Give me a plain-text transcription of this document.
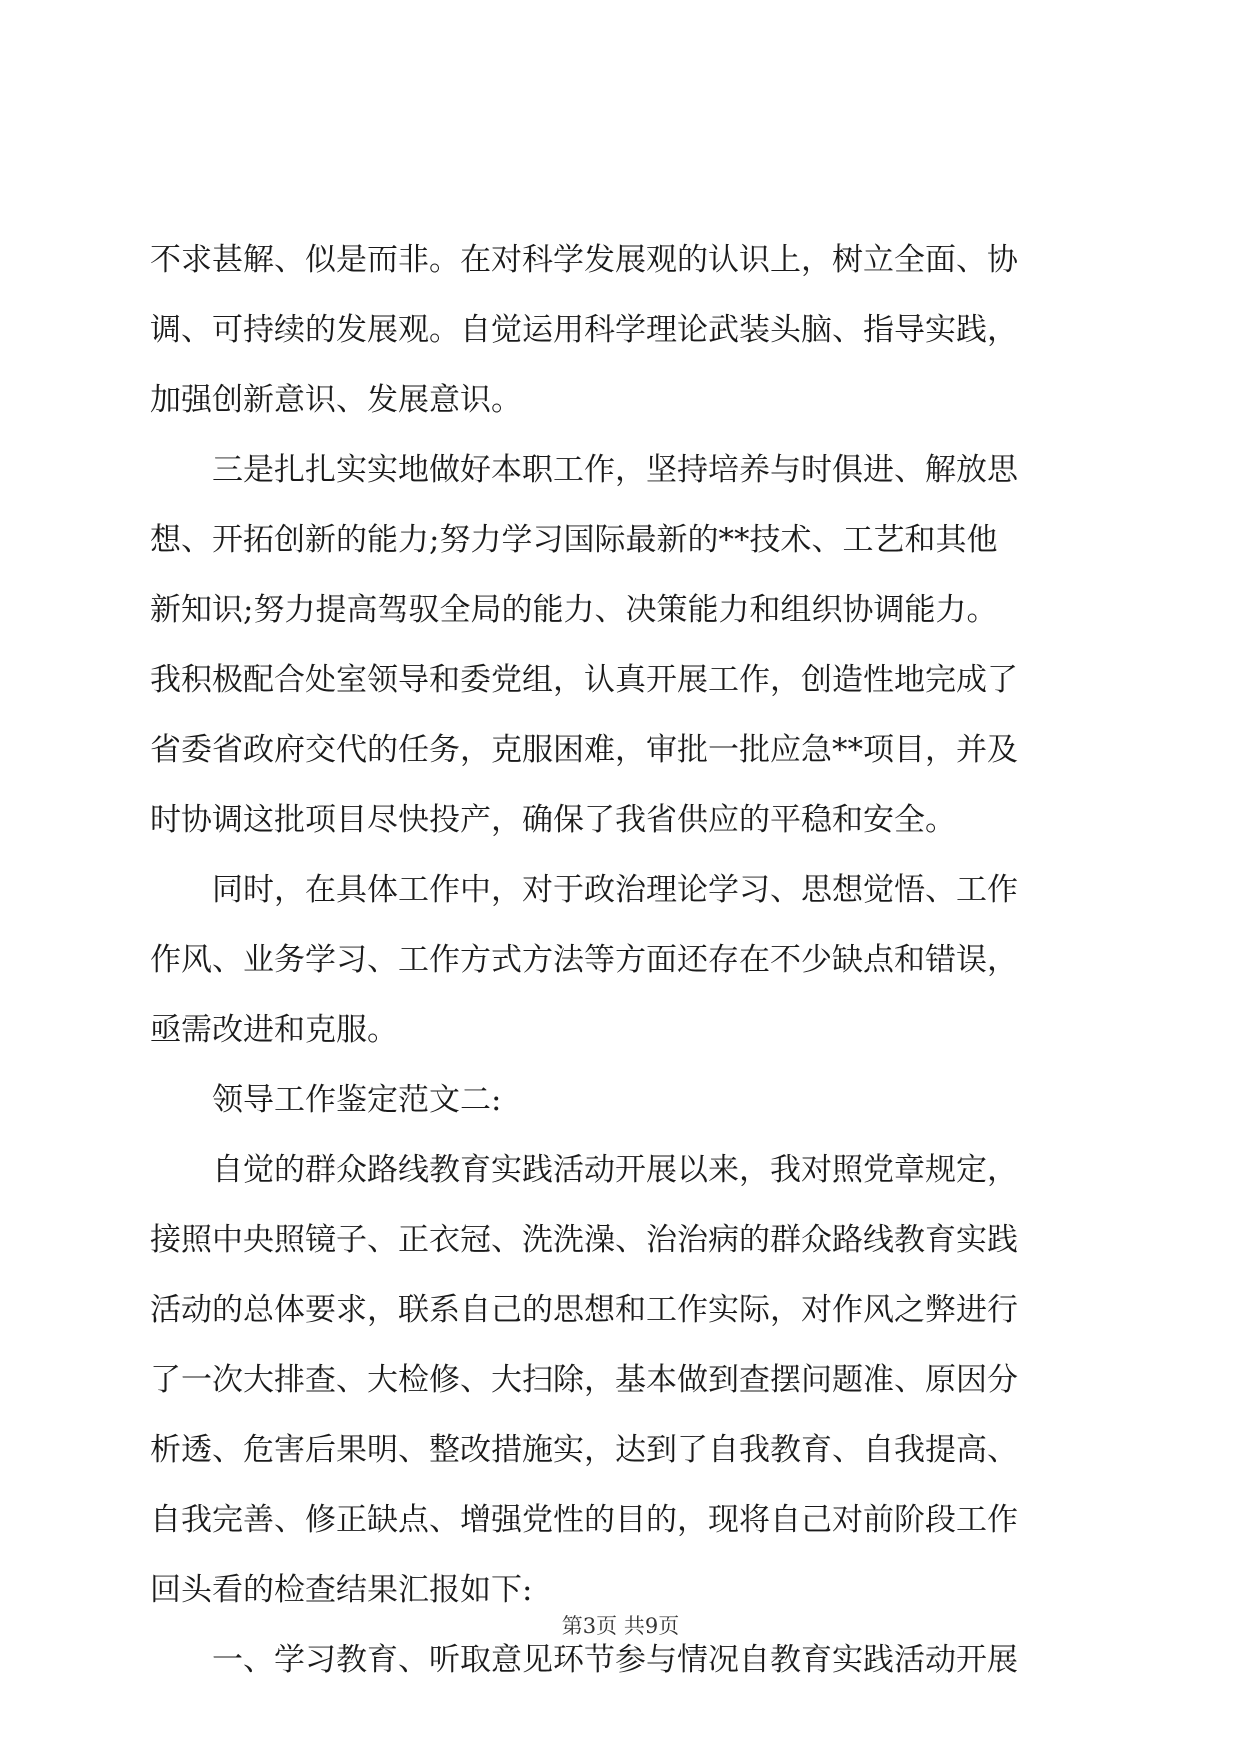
不求甚解、似是而非。在对科学发展观的认识上，树立全面、协
调、可持续的发展观。自觉运用科学理论武装头脑、指导实践，
加强创新意识、发展意识。
三是扎扎实实地做好本职工作，坚持培养与时俱进、解放思
想、开拓创新的能力;努力学习国际最新的**技术、工艺和其他
新知识;努力提高驾驭全局的能力、决策能力和组织协调能力。
我积极配合处室领导和委党组，认真开展工作，创造性地完成了
省委省政府交代的任务，克服困难，审批一批应急**项目，并及
时协调这批项目尽快投产，确保了我省供应的平稳和安全。
同时，在具体工作中，对于政治理论学习、思想觉悟、工作
作风、业务学习、工作方式方法等方面还存在不少缺点和错误，
亟需改进和克服。
领导工作鉴定范文二:
自觉的群众路线教育实践活动开展以来，我对照党章规定，
接照中央照镜子、正衣冠、洗洗澡、治治病的群众路线教育实践
活动的总体要求，联系自己的思想和工作实际，对作风之弊进行
了一次大排查、大检修、大扫除，基本做到查摆问题准、原因分
析透、危害后果明、整改措施实，达到了自我教育、自我提高、
自我完善、修正缺点、增强党性的目的，现将自己对前阶段工作
回头看的检查结果汇报如下:
一、学习教育、听取意见环节参与情况自教育实践活动开展
第3页 共9页
